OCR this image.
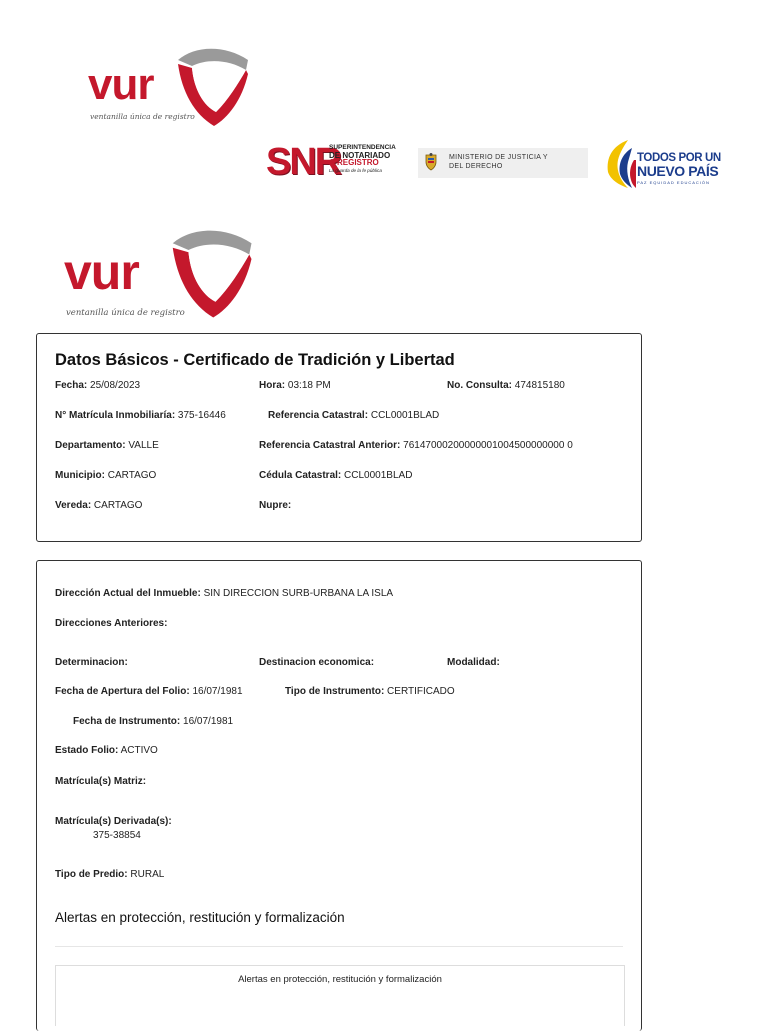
vur
ventanilla única de registro
SNR
SUPERINTENDENCIA
DE NOTARIADO
& REGISTRO
La guarda de la fe pública
MINISTERIO DE JUSTICIA Y
DEL DERECHO
TODOS POR UN
NUEVO PAÍS
PAZ EQUIDAD EDUCACIÓN
vur
ventanilla única de registro
Datos Básicos - Certificado de Tradición y Libertad
Fecha: 25/08/2023	Hora: 03:18 PM	No. Consulta: 474815180
N° Matrícula Inmobiliaría: 375-16446	Referencia Catastral: CCL0001BLAD
Departamento: VALLE	Referencia Catastral Anterior: 76147000200000001004500000000 0
Municipio: CARTAGO	Cédula Catastral: CCL0001BLAD
Vereda: CARTAGO	Nupre:
Dirección Actual del Inmueble: SIN DIRECCION SURB-URBANA LA ISLA
Direcciones Anteriores:
Determinacion:	Destinacion economica:	Modalidad:
Fecha de Apertura del Folio: 16/07/1981	Tipo de Instrumento: CERTIFICADO
Fecha de Instrumento: 16/07/1981
Estado Folio: ACTIVO
Matrícula(s) Matriz:
Matrícula(s) Derivada(s):
375-38854
Tipo de Predio: RURAL
Alertas en protección, restitución y formalización
Alertas en protección, restitución y formalización
